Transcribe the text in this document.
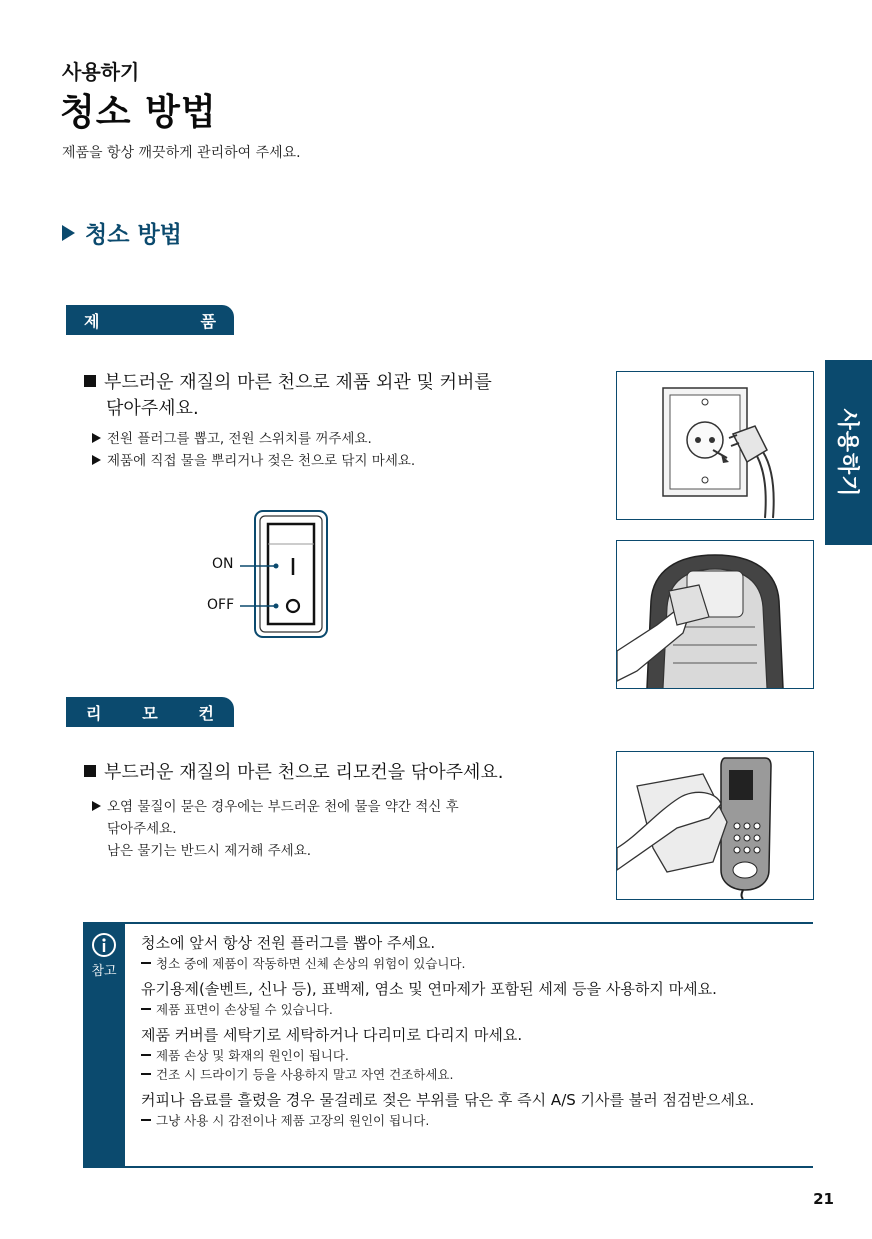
사용하기
청소 방법
제품을 항상 깨끗하게 관리하여 주세요.
청소 방법
사용하기
제	품
부드러운 재질의 마른 천으로 제품 외관 및 커버를
닦아주세요.
전원 플러그를 뽑고, 전원 스위치를 꺼주세요.
제품에 직접 물을 뿌리거나 젖은 천으로 닦지 마세요.
ON
OFF
리	모	컨
부드러운 재질의 마른 천으로 리모컨을 닦아주세요.
오염 물질이 묻은 경우에는 부드러운 천에 물을 약간 적신 후
닦아주세요.
남은 물기는 반드시 제거해 주세요.
참고
청소에 앞서 항상 전원 플러그를 뽑아 주세요.
청소 중에 제품이 작동하면 신체 손상의 위험이 있습니다.
유기용제(솔벤트, 신나 등), 표백제, 염소 및 연마제가 포함된 세제 등을 사용하지 마세요.
제품 표면이 손상될 수 있습니다.
제품 커버를 세탁기로 세탁하거나 다리미로 다리지 마세요.
제품 손상 및 화재의 원인이 됩니다.
건조 시 드라이기 등을 사용하지 말고 자연 건조하세요.
커피나 음료를 흘렸을 경우 물걸레로 젖은 부위를 닦은 후 즉시 A/S 기사를 불러 점검받으세요.
그냥 사용 시 감전이나 제품 고장의 원인이 됩니다.
21
